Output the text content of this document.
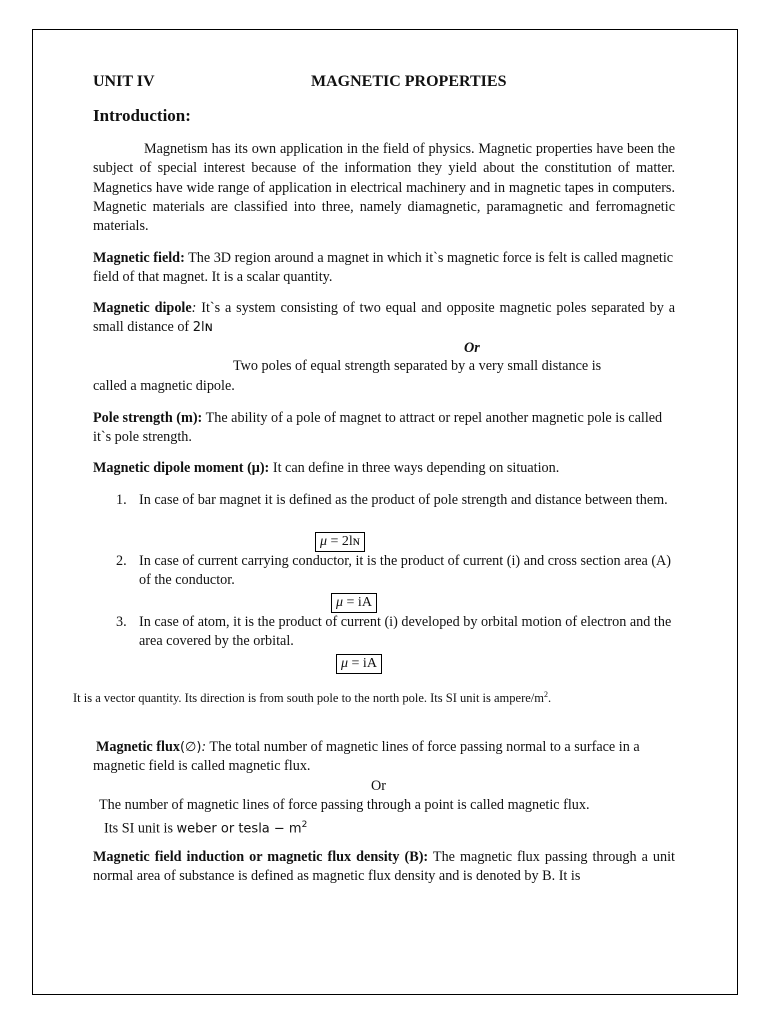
UNIT IV	MAGNETIC PROPERTIES
Introduction:
Magnetism has its own application in the field of physics. Magnetic properties have been the subject of special interest because of the information they yield about the constitution of matter. Magnetics have wide range of application in electrical machinery and in magnetic tapes in computers. Magnetic materials are classified into three, namely diamagnetic, paramagnetic and ferromagnetic materials.
Magnetic field: The 3D region around a magnet in which it`s magnetic force is felt is called magnetic field of that magnet. It is a scalar quantity.
Magnetic dipole: It`s a system consisting of two equal and opposite magnetic poles separated by a small distance of 2lɴ
Or
Two poles of equal strength separated by a very small distance is
called a magnetic dipole.
Pole strength (m): The ability of a pole of magnet to attract or repel another magnetic pole is called it`s pole strength.
Magnetic dipole moment (μ): It can define in three ways depending on situation.
1. In case of bar magnet it is defined as the product of pole strength and distance between them.
μ = 2lɴ
2. In case of current carrying conductor, it is the product of current (i) and cross section area (A) of the conductor.
μ = iA
3. In case of atom, it is the product of current (i) developed by orbital motion of electron and the area covered by the orbital.
μ = iA
It is a vector quantity. Its direction is from south pole to the north pole. Its SI unit is ampere/$m^2$.
Magnetic flux(∅): The total number of magnetic lines of force passing normal to a surface in a magnetic field is called magnetic flux.
Or
The number of magnetic lines of force passing through a point is called magnetic flux.
Its SI unit is weber or tesla − $m^2$
Magnetic field induction or magnetic flux density (B): The magnetic flux passing through a unit normal area of substance is defined as magnetic flux density and is denoted by B. It is
